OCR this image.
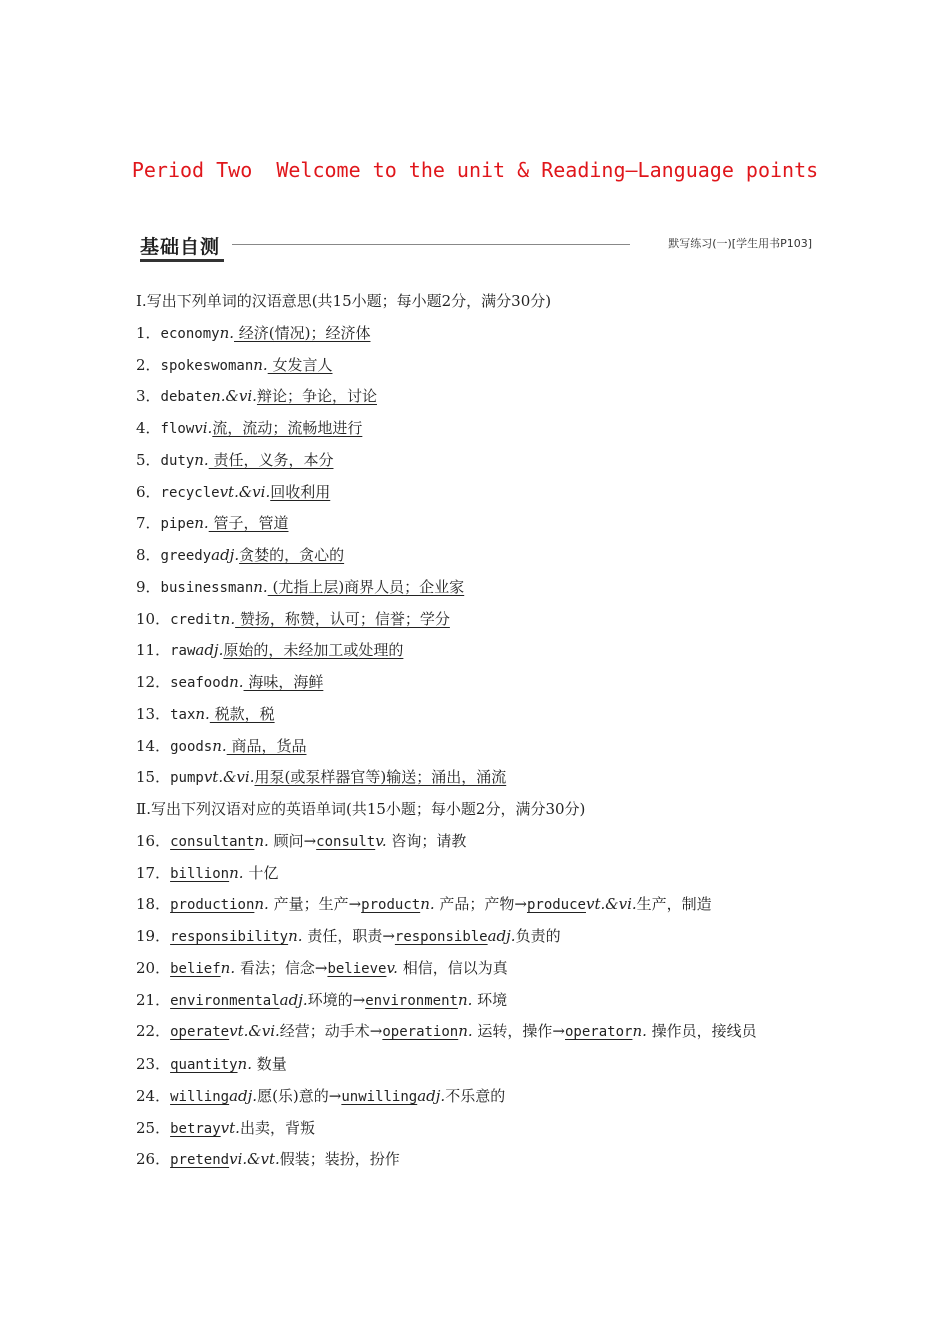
Period Two  Welcome to the unit & Reading—Language points
基础自测	默写练习(一)[学生用书P103]
Ⅰ.写出下列单词的汉语意思(共15小题；每小题2分，满分30分)
1．economyn. 经济(情况)；经济体
2．spokeswomann. 女发言人
3．debaten.&vi.辩论；争论，讨论
4．flowvi.流，流动；流畅地进行
5．dutyn. 责任，义务，本分
6．recyclevt.&vi.回收利用
7．pipen. 管子，管道
8．greedyadj.贪婪的，贪心的
9．businessmann. (尤指上层)商界人员；企业家
10．creditn. 赞扬，称赞，认可；信誉；学分
11．rawadj.原始的，未经加工或处理的
12．seafoodn. 海味，海鲜
13．taxn. 税款，税
14．goodsn. 商品，货品
15．pumpvt.&vi.用泵(或泵样器官等)输送；涌出，涌流
Ⅱ.写出下列汉语对应的英语单词(共15小题；每小题2分，满分30分)
16．consultantn. 顾问→consultv. 咨询；请教
17．billionn. 十亿
18．productionn. 产量；生产→productn. 产品；产物→producevt.&vi.生产，制造
19．responsibilityn. 责任，职责→responsibleadj.负责的
20．beliefn. 看法；信念→believev. 相信，信以为真
21．environmentaladj.环境的→environmentn. 环境
22．operatevt.&vi.经营；动手术→operationn. 运转，操作→operatorn. 操作员，接线员
23．quantityn. 数量
24．willingadj.愿(乐)意的→unwillingadj.不乐意的
25．betrayvt.出卖，背叛
26．pretendvi.&vt.假装；装扮，扮作
